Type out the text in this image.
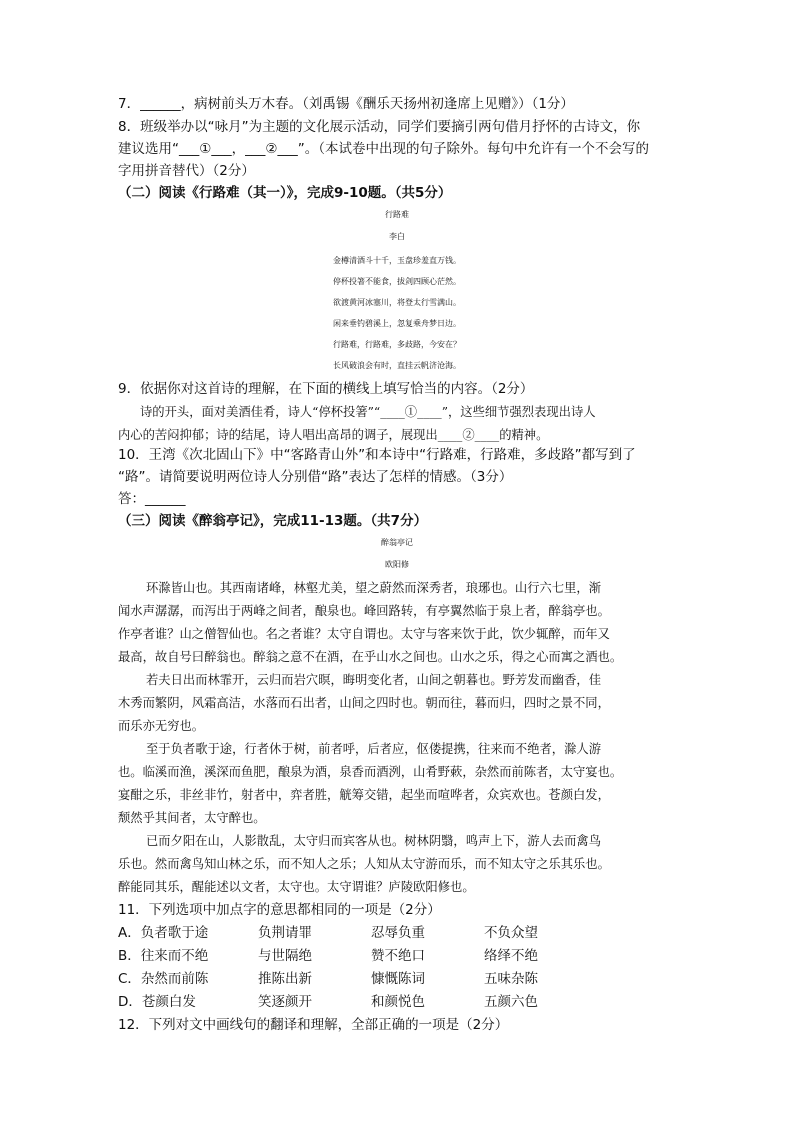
7．______，病树前头万木春。（刘禹锡《酬乐天扬州初逢席上见赠》）（1分）
8．班级举办以“咏月”为主题的文化展示活动，同学们要摘引两句借月抒怀的古诗文，你
建议选用“___①___，___②___”。（本试卷中出现的句子除外。每句中允许有一个不会写的
字用拼音替代）（2分）
（二）阅读《行路难（其一）》，完成9-10题。（共5分）
行路难
李白
金樽清酒斗十千，玉盘珍羞直万钱。
停杯投箸不能食，拔剑四顾心茫然。
欲渡黄河冰塞川，将登太行雪满山。
闲来垂钓碧溪上，忽复乘舟梦日边。
行路难，行路难，多歧路，今安在？
长风破浪会有时，直挂云帆济沧海。
9．依据你对这首诗的理解，在下面的横线上填写恰当的内容。（2分）
诗的开头，面对美酒佳肴，诗人“停杯投箸”“____①____”，这些细节强烈表现出诗人
内心的苦闷抑郁；诗的结尾，诗人唱出高昂的调子，展现出____②____的精神。
10．王湾《次北固山下》中“客路青山外”和本诗中“行路难，行路难，多歧路”都写到了
“路”。请简要说明两位诗人分别借“路”表达了怎样的情感。（3分）
答：______
（三）阅读《醉翁亭记》，完成11-13题。（共7分）
醉翁亭记
欧阳修
环滁皆山也。其西南诸峰，林壑尤美，望之蔚然而深秀者，琅琊也。山行六七里，渐
闻水声潺潺，而泻出于两峰之间者，酿泉也。峰回路转，有亭翼然临于泉上者，醉翁亭也。
作亭者谁？山之僧智仙也。名之者谁？太守自谓也。太守与客来饮于此，饮少辄醉，而年又
最高，故自号曰醉翁也。醉翁之意不在酒，在乎山水之间也。山水之乐，得之心而寓之酒也。
若夫日出而林霏开，云归而岩穴暝，晦明变化者，山间之朝暮也。野芳发而幽香，佳
木秀而繁阴，风霜高洁，水落而石出者，山间之四时也。朝而往，暮而归，四时之景不同，
而乐亦无穷也。
至于负者歌于途，行者休于树，前者呼，后者应，伛偻提携，往来而不绝者，滁人游
也。临溪而渔，溪深而鱼肥，酿泉为酒，泉香而酒洌，山肴野蔌，杂然而前陈者，太守宴也。
宴酣之乐，非丝非竹，射者中，弈者胜，觥筹交错，起坐而喧哗者，众宾欢也。苍颜白发，
颓然乎其间者，太守醉也。
已而夕阳在山，人影散乱，太守归而宾客从也。树林阴翳，鸣声上下，游人去而禽鸟
乐也。然而禽鸟知山林之乐，而不知人之乐；人知从太守游而乐，而不知太守之乐其乐也。
醉能同其乐，醒能述以文者，太守也。太守谓谁？庐陵欧阳修也。
11．下列选项中加点字的意思都相同的一项是（2分）
A．负者歌于途	负荆请罪	忍辱负重	不负众望
B．往来而不绝	与世隔绝	赞不绝口	络绎不绝
C．杂然而前陈	推陈出新	慷慨陈词	五味杂陈
D．苍颜白发	笑逐颜开	和颜悦色	五颜六色
12．下列对文中画线句的翻译和理解，全部正确的一项是（2分）
